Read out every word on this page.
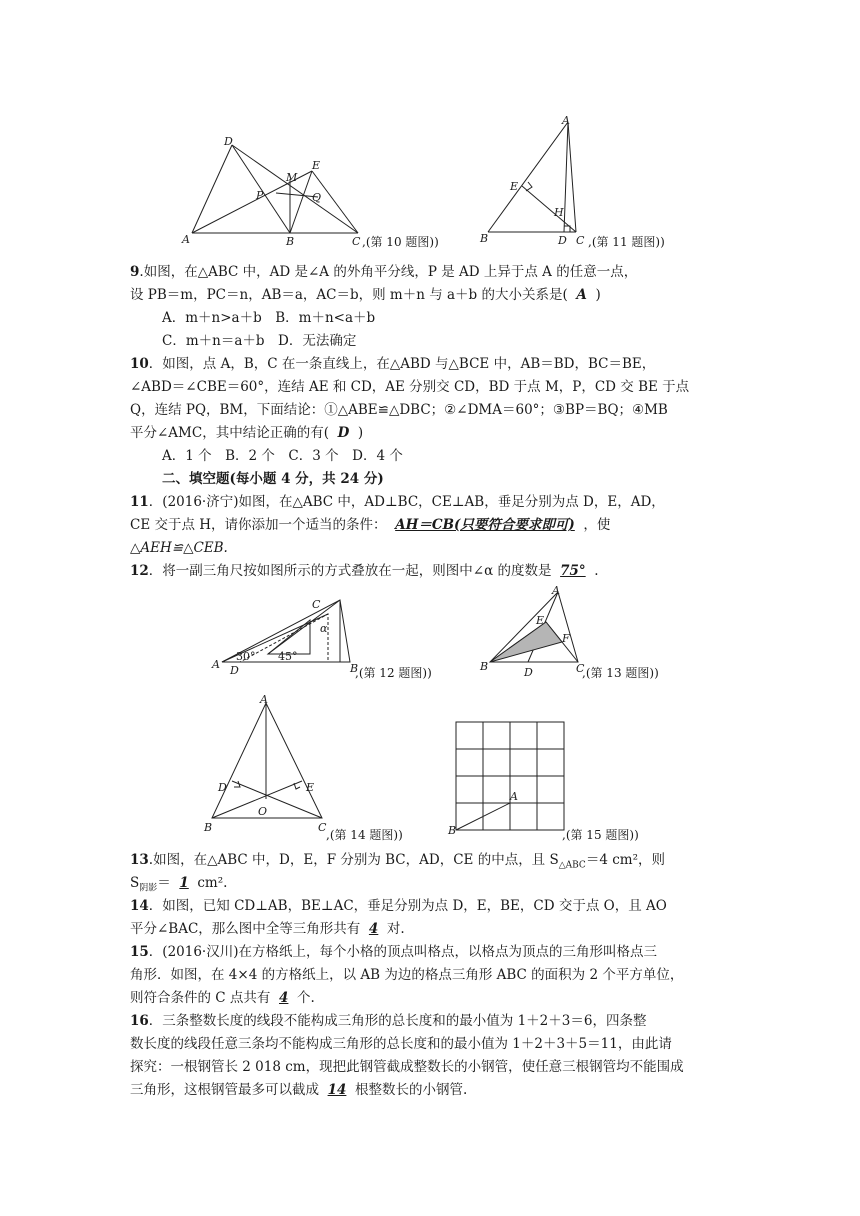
A	B	C
D
E
M
P	Q
,(第 10 题图))
A
B	C
D
E
H
,(第 11 题图))
9.如图，在△ABC 中，AD 是∠A 的外角平分线，P 是 AD 上异于点 A 的任意一点，
设 PB＝m，PC＝n，AB＝a，AC＝b，则 m＋n 与 a＋b 的大小关系是( A )
A．m＋n>a＋b　B．m＋n<a＋b
C．m＋n＝a＋b　D．无法确定
10．如图，点 A，B，C 在一条直线上，在△ABD 与△BCE 中，AB＝BD，BC＝BE，
∠ABD＝∠CBE＝60°，连结 AE 和 CD，AE 分别交 CD，BD 于点 M，P，CD 交 BE 于点
Q，连结 PQ，BM，下面结论：①△ABE≌△DBC；②∠DMA＝60°；③BP＝BQ；④MB
平分∠AMC，其中结论正确的有( D )
A．1 个　B．2 个　C．3 个　D．4 个
二、填空题(每小题 4 分，共 24 分)
11．(2016·济宁)如图，在△ABC 中，AD⊥BC，CE⊥AB，垂足分别为点 D，E，AD，
CE 交于点 H，请你添加一个适当的条件： AH＝CB(只要符合要求即可) ，使
△AEH≌△CEB.
12．将一副三角尺按如图所示的方式叠放在一起，则图中∠α 的度数是 75° .
A	B
C
D
α
30° 45°
,(第 12 题图))
A
B	C
D
E
F
,(第 13 题图))
A
B	C
D	E
O
,(第 14 题图))
A
B	,(第 15 题图))
13.如图，在△ABC 中，D，E，F 分别为 BC，AD，CE 的中点，且 $S_{\triangle ABC}=4$ cm²，则
$S_{阴影}= 1$ cm².
14．如图，已知 CD⊥AB，BE⊥AC，垂足分别为点 D，E，BE，CD 交于点 O，且 AO
平分∠BAC，那么图中全等三角形共有 4 对.
15．(2016·汉川)在方格纸上，每个小格的顶点叫格点，以格点为顶点的三角形叫格点三
角形．如图，在 4×4 的方格纸上，以 AB 为边的格点三角形 ABC 的面积为 2 个平方单位，
则符合条件的 C 点共有 4 个.
16．三条整数长度的线段不能构成三角形的总长度和的最小值为 1＋2＋3＝6，四条整
数长度的线段任意三条均不能构成三角形的总长度和的最小值为 1＋2＋3＋5＝11，由此请
探究：一根钢管长 2 018 cm，现把此钢管截成整数长的小钢管，使任意三根钢管均不能围成
三角形，这根钢管最多可以截成 14 根整数长的小钢管.
